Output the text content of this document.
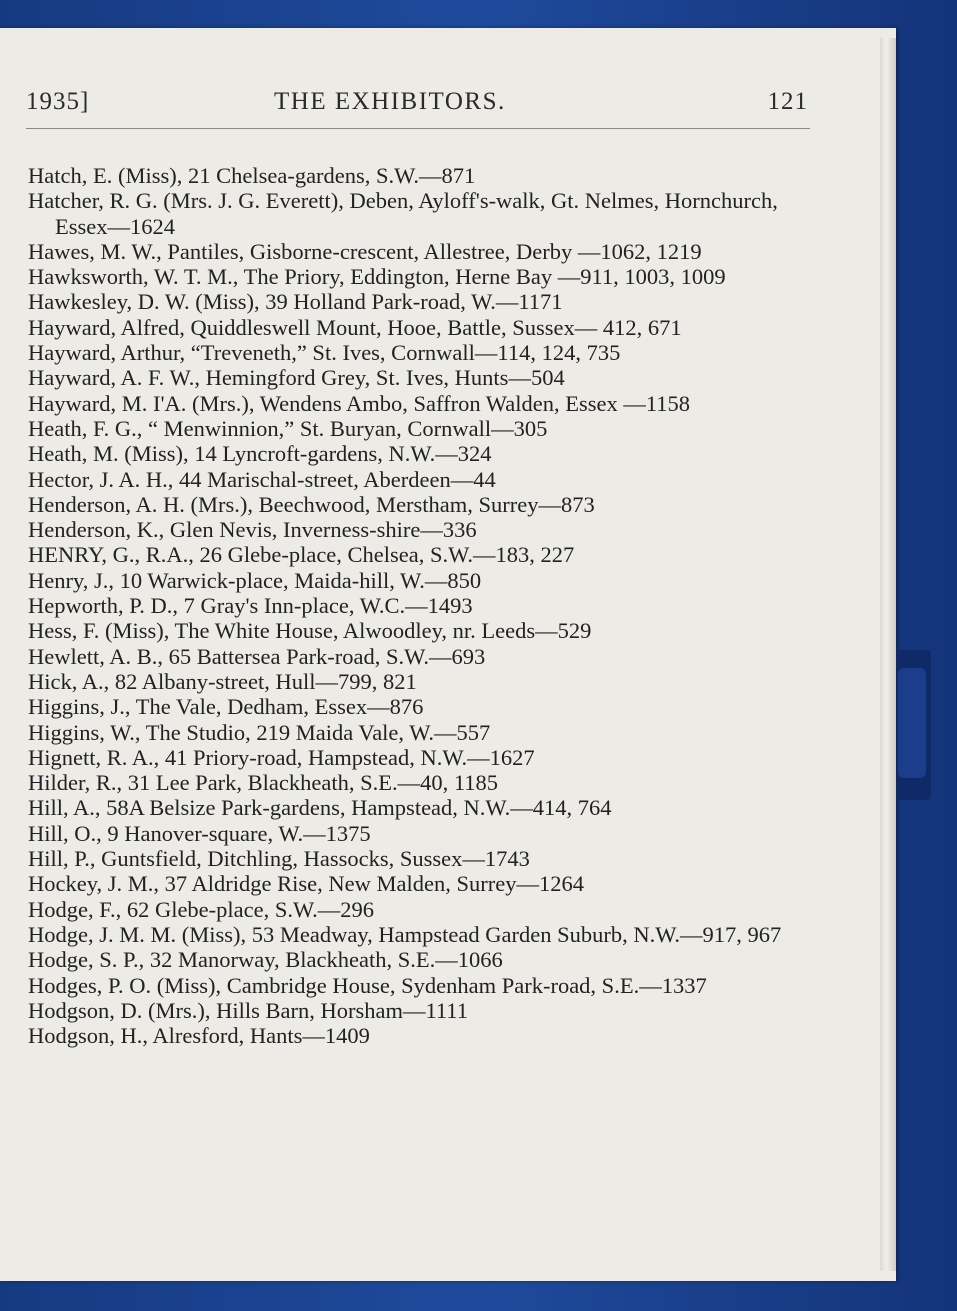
1935]	THE EXHIBITORS.	121
Hatch, E. (Miss), 21 Chelsea-gardens, S.W.—871
Hatcher, R. G. (Mrs. J. G. Everett), Deben, Ayloff's-walk, Gt. Nelmes, Hornchurch, Essex—1624
Hawes, M. W., Pantiles, Gisborne-crescent, Allestree, Derby —1062, 1219
Hawksworth, W. T. M., The Priory, Eddington, Herne Bay —911, 1003, 1009
Hawkesley, D. W. (Miss), 39 Holland Park-road, W.—1171
Hayward, Alfred, Quiddleswell Mount, Hooe, Battle, Sussex— 412, 671
Hayward, Arthur, “Treveneth,” St. Ives, Cornwall—114, 124, 735
Hayward, A. F. W., Hemingford Grey, St. Ives, Hunts—504
Hayward, M. I'A. (Mrs.), Wendens Ambo, Saffron Walden, Essex —1158
Heath, F. G., “ Menwinnion,” St. Buryan, Cornwall—305
Heath, M. (Miss), 14 Lyncroft-gardens, N.W.—324
Hector, J. A. H., 44 Marischal-street, Aberdeen—44
Henderson, A. H. (Mrs.), Beechwood, Merstham, Surrey—873
Henderson, K., Glen Nevis, Inverness-shire—336
HENRY, G., R.A., 26 Glebe-place, Chelsea, S.W.—183, 227
Henry, J., 10 Warwick-place, Maida-hill, W.—850
Hepworth, P. D., 7 Gray's Inn-place, W.C.—1493
Hess, F. (Miss), The White House, Alwoodley, nr. Leeds—529
Hewlett, A. B., 65 Battersea Park-road, S.W.—693
Hick, A., 82 Albany-street, Hull—799, 821
Higgins, J., The Vale, Dedham, Essex—876
Higgins, W., The Studio, 219 Maida Vale, W.—557
Hignett, R. A., 41 Priory-road, Hampstead, N.W.—1627
Hilder, R., 31 Lee Park, Blackheath, S.E.—40, 1185
Hill, A., 58A Belsize Park-gardens, Hampstead, N.W.—414, 764
Hill, O., 9 Hanover-square, W.—1375
Hill, P., Guntsfield, Ditchling, Hassocks, Sussex—1743
Hockey, J. M., 37 Aldridge Rise, New Malden, Surrey—1264
Hodge, F., 62 Glebe-place, S.W.—296
Hodge, J. M. M. (Miss), 53 Meadway, Hampstead Garden Suburb, N.W.—917, 967
Hodge, S. P., 32 Manorway, Blackheath, S.E.—1066
Hodges, P. O. (Miss), Cambridge House, Sydenham Park-road, S.E.—1337
Hodgson, D. (Mrs.), Hills Barn, Horsham—1111
Hodgson, H., Alresford, Hants—1409
